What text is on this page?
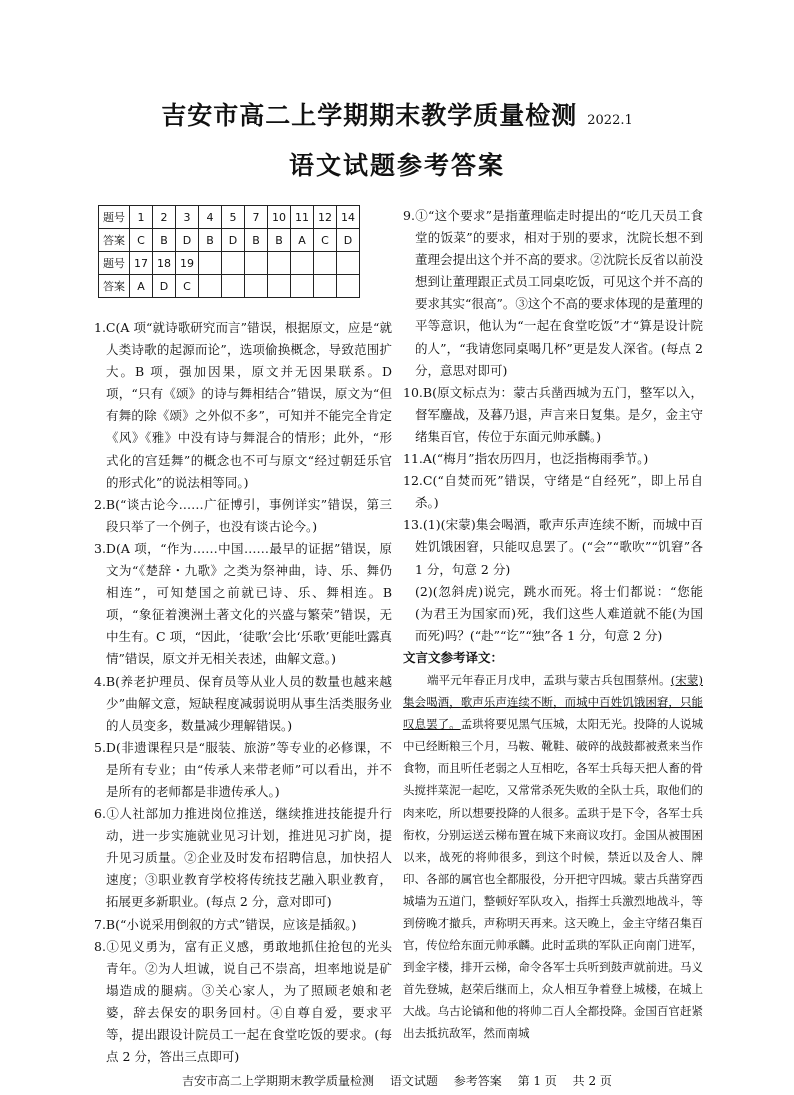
吉安市高二上学期期末教学质量检测 2022.1
语文试题参考答案
题号	1	2	3	4	5	7	10	11	12	14
答案	C	B	D	B	D	B	B	A	C	D
题号	17	18	19							
答案	A	D	C							

1.C(A 项“就诗歌研究而言”错误，根据原文，应是“就人类诗歌的起源而论”，选项偷换概念，导致范围扩大。B 项，强加因果，原文并无因果联系。D 项，“只有《颂》的诗与舞相结合”错误，原文为“但有舞的除《颂》之外似不多”，可知并不能完全肯定《风》《雅》中没有诗与舞混合的情形；此外，“形式化的宫廷舞”的概念也不可与原文“经过朝廷乐官的形式化”的说法相等同。)

2.B(“谈古论今……广征博引，事例详实”错误，第三段只举了一个例子，也没有谈古论今。)

3.D(A 项，“作为……中国……最早的证据”错误，原文为“《楚辞・九歌》之类为祭神曲，诗、乐、舞仍相连”，可知楚国之前就已诗、乐、舞相连。B 项，“象征着澳洲土著文化的兴盛与繁荣”错误，无中生有。C 项，“因此，‘徒歌’会比‘乐歌’更能吐露真情”错误，原文并无相关表述，曲解文意。)

4.B(养老护理员、保育员等从业人员的数量也越来越少”曲解文意，短缺程度减弱说明从事生活类服务业的人员变多，数量减少理解错误。)

5.D(非遗课程只是“服装、旅游”等专业的必修课，不是所有专业；由“传承人来带老师”可以看出，并不是所有的老师都是非遗传承人。)

6.①人社部加力推进岗位推送，继续推进技能提升行动，进一步实施就业见习计划，推进见习扩岗，提升见习质量。②企业及时发布招聘信息，加快招人速度；③职业教育学校将传统技艺融入职业教育，拓展更多新职业。(每点 2 分，意对即可)

7.B(“小说采用倒叙的方式”错误，应该是插叙。)

8.①见义勇为，富有正义感，勇敢地抓住抢包的光头青年。②为人坦诚，说自己不崇高，坦率地说是矿塌造成的腿病。③关心家人，为了照顾老娘和老婆，辞去保安的职务回村。④自尊自爱，要求平等，提出跟设计院员工一起在食堂吃饭的要求。(每点 2 分，答出三点即可)

9.①“这个要求”是指董理临走时提出的“吃几天员工食堂的饭菜”的要求，相对于别的要求，沈院长想不到董理会提出这个并不高的要求。②沈院长反省以前没想到让董理跟正式员工同桌吃饭，可见这个并不高的要求其实“很高”。③这个不高的要求体现的是董理的平等意识，他认为“一起在食堂吃饭”才“算是设计院的人”，“我请您同桌喝几杯”更是发人深省。(每点 2 分，意思对即可)

10.B(原文标点为：蒙古兵凿西城为五门，整军以入，督军鏖战，及暮乃退，声言来日复集。是夕，金主守绪集百官，传位于东面元帅承麟。)

11.A(“梅月”指农历四月，也泛指梅雨季节。)

12.C(“自焚而死”错误，守绪是“自经死”，即上吊自杀。)

13.(1)(宋蒙)集会喝酒，歌声乐声连续不断，而城中百姓饥饿困窘，只能叹息罢了。(“会”“歌吹”“饥窘”各 1 分，句意 2 分)

(2)(忽斜虎)说完，跳水而死。将士们都说：“您能(为君王为国家而)死，我们这些人难道就不能(为国而死)吗？(“赴”“讫”“独”各 1 分，句意 2 分)

文言文参考译文：

端平元年春正月戊申，孟珙与蒙古兵包围蔡州。(宋蒙)集会喝酒，歌声乐声连续不断，而城中百姓饥饿困窘，只能叹息罢了。孟珙将要见黑气压城，太阳无光。投降的人说城中已经断粮三个月，马鞍、靴鞋、破碎的战鼓都被煮来当作食物，而且听任老弱之人互相吃，各军士兵每天把人畜的骨头搅拌菜泥一起吃，又常常杀死失败的全队士兵，取他们的肉来吃，所以想要投降的人很多。孟珙于是下令，各军士兵衔枚，分别运送云梯布置在城下来商议攻打。金国从被围困以来，战死的将帅很多，到这个时候，禁近以及舍人、牌印、各部的属官也全都服役，分开把守四城。蒙古兵凿穿西城墙为五道门，整顿好军队攻入，指挥士兵激烈地战斗，等到傍晚才撤兵，声称明天再来。这天晚上，金主守绪召集百官，传位给东面元帅承麟。此时孟珙的军队正向南门进军，到金字楼，排开云梯，命令各军士兵听到鼓声就前进。马义首先登城，赵荣后继而上，众人相互争着登上城楼，在城上大战。乌古论镐和他的将帅二百人全都投降。金国百官赶紧出去抵抗敌军，然而南城

吉安市高二上学期期末教学质量检测 语文试题 参考答案 第 1 页 共 2 页
